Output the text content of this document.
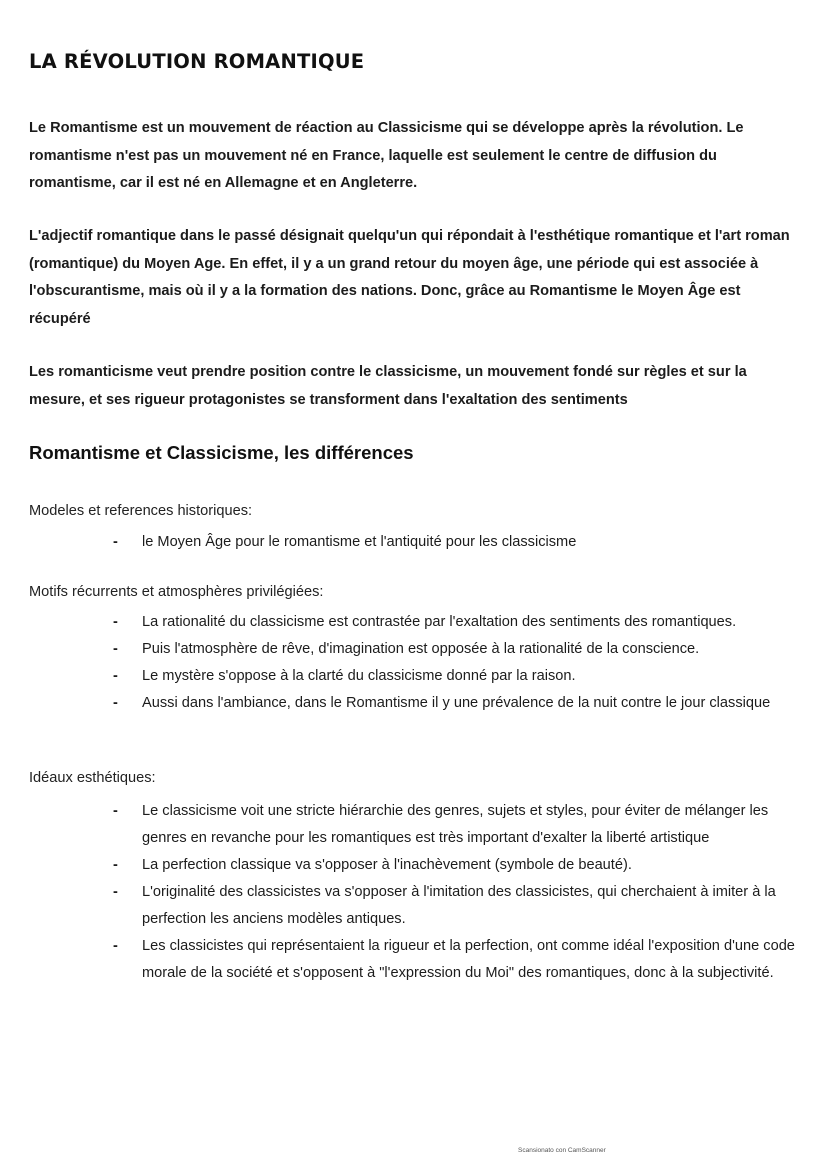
LA RÉVOLUTION ROMANTIQUE

Le Romantisme est un mouvement de réaction au Classicisme qui se développe après la révolution. Le romantisme n'est pas un mouvement né en France, laquelle est seulement le centre de diffusion du romantisme, car il est né en Allemagne et en Angleterre.

L'adjectif romantique dans le passé désignait quelqu'un qui répondait à l'esthétique romantique et l'art roman (romantique) du Moyen Age. En effet, il y a un grand retour du moyen âge, une période qui est associée à l'obscurantisme, mais où il y a la formation des nations. Donc, grâce au Romantisme le Moyen Âge est récupéré

Les romanticisme veut prendre position contre le classicisme, un mouvement fondé sur règles et sur la mesure, et ses rigueur protagonistes se transforment dans l'exaltation des sentiments

Romantisme et Classicisme, les différences

Modeles et references historiques:

- le Moyen Âge pour le romantisme et l'antiquité pour les classicisme

Motifs récurrents et atmosphères privilégiées:

- La rationalité du classicisme est contrastée par l'exaltation des sentiments des romantiques.
- Puis l'atmosphère de rêve, d'imagination est opposée à la rationalité de la conscience.
- Le mystère s'oppose à la clarté du classicisme donné par la raison.
- Aussi dans l'ambiance, dans le Romantisme il y une prévalence de la nuit contre le jour classique

Idéaux esthétiques:

- Le classicisme voit une stricte hiérarchie des genres, sujets et styles, pour éviter de mélanger les genres en revanche pour les romantiques est très important d'exalter la liberté artistique
- La perfection classique va s'opposer à l'inachèvement (symbole de beauté).
- L'originalité des classicistes va s'opposer à l'imitation des classicistes, qui cherchaient à imiter à la perfection les anciens modèles antiques.
- Les classicistes qui représentaient la rigueur et la perfection, ont comme idéal l'exposition d'une code morale de la société et s'opposent à "l'expression du Moi" des romantiques, donc à la subjectivité.

Scansionato con CamScanner
